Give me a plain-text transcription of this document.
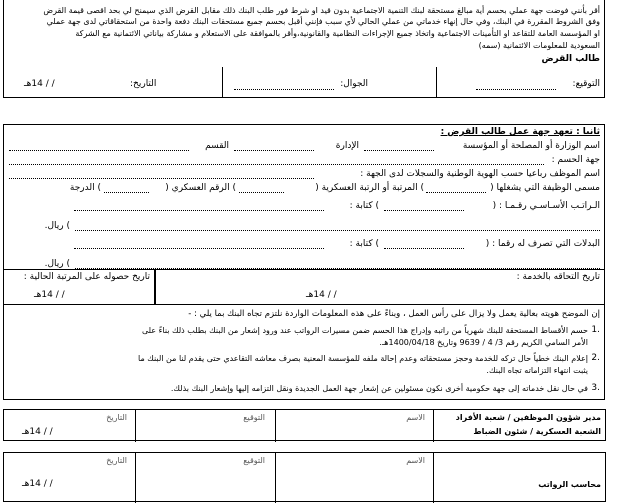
أقر بأنني فوضت جهة عملي بحسم أية مبالغ مستحقة لبنك التنمية الاجتماعية بدون قيد او شرط فور طلب البنك ذلك مقابل القرض الذي سيمنح لي بحد اقصى قيمة القرض
وفق الشروط المقررة في البنك، وفي حال إنهاء خدماتي من عملي الحالي لأي سبب فإنني أقبل بحسم جميع مستحقات البنك دفعة واحدة من استحقاقاتي لدى جهة عملي
او المؤسسة العامة للتقاعد او التأمينات الاجتماعية واتخاذ جميع الإجراءات النظامية والقانونية،وأقر بالموافقة على الاستعلام و مشاركة بياناتي الائتمانية مع الشركة
السعودية للمعلومات الائتمانية (سمه)
طالب القرض
التوقيع:
الجوال:
التاريخ:
/ / 14هـ
ثانيا : تعهد جهة عمل طالب القرض :
اسم الوزارة أو المصلحة أو المؤسسة
الإدارة
القسم
جهة الحسم :
اسم الموظف رباعيا حسب الهوية الوطنية والسجلات لدى الجهة :
مسمى الوظيفة التي يشغلها (
) المرتبة أو الرتبة العسكرية (
) الرقم العسكري (
) الدرجة
الـراتـب الأسـاسـي رقـمـا : (
) كتابة :
) ريال.
البدلات التي تصرف له رقما : (
) كتابة :
) ريال.
تاريخ التحاقه بالخدمة :
/ / 14هـ
تاريخ حصوله على المرتبة الحالية :
/ / 14هـ
إن الموضح هويته بعالية يعمل ولا يزال على رأس العمل ، وبناءً على هذه المعلومات الواردة نلتزم تجاه البنك بما يلي : -
.1
حسم الأقساط المستحقة للبنك شهرياً من راتبه وإدراج هذا الحسم ضمن مسيرات الرواتب عند ورود إشعار من البنك بطلب ذلك بناءً على
الأمر السامي الكريم رقم 3/ 4 / 9639 وتاريخ 1400/04/18هـ.
.2
إعلام البنك خطياً حال تركه للخدمة وحجز مستحقاته وعدم إحالة ملفه للمؤسسة المعنية بصرف معاشه التقاعدي حتى يقدم لنا من البنك ما
يثبت انتهاء التزاماته تجاه البنك.
.3
في حال نقل خدماته إلى جهة حكومية أخرى نكون مسئولين عن إشعار جهة العمل الجديدة ونقل التزامه إليها وإشعار البنك بذلك.
مدير شؤون الموظفين / شعبة الأفراد
الشعبة العسكرية / شئون الضباط
الاسم
التوقيع
التاريخ
/ / 14هـ
محاسب الرواتب
الاسم
التوقيع
التاريخ
/ / 14هـ
